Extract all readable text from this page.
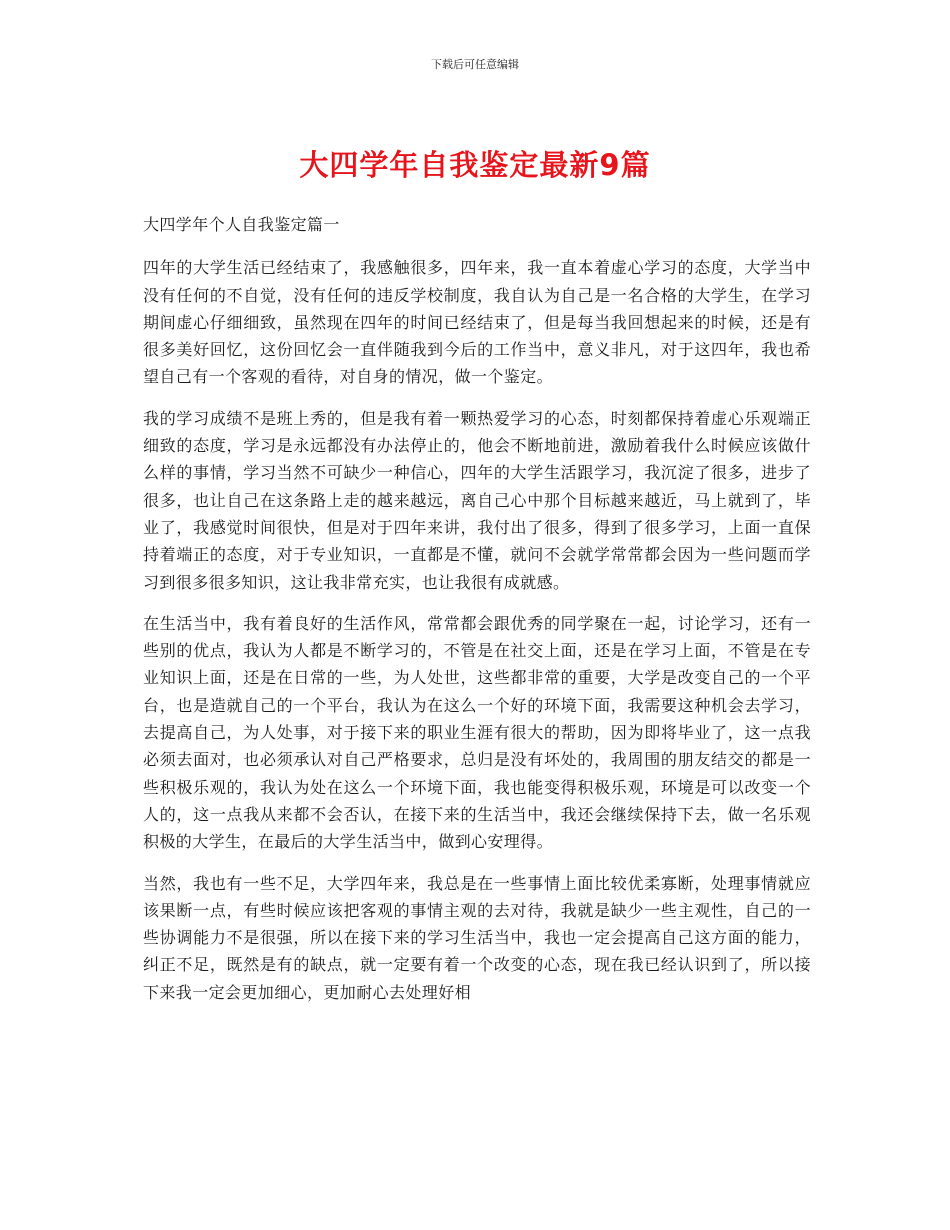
下载后可任意编辑
大四学年自我鉴定最新9篇

大四学年个人自我鉴定篇一

四年的大学生活已经结束了，我感触很多，四年来，我一直本着虚心学习的态度，大学当中没有任何的不自觉，没有任何的违反学校制度，我自认为自己是一名合格的大学生，在学习期间虚心仔细细致，虽然现在四年的时间已经结束了，但是每当我回想起来的时候，还是有很多美好回忆，这份回忆会一直伴随我到今后的工作当中，意义非凡，对于这四年，我也希望自己有一个客观的看待，对自身的情况，做一个鉴定。

我的学习成绩不是班上秀的，但是我有着一颗热爱学习的心态，时刻都保持着虚心乐观端正细致的态度，学习是永远都没有办法停止的，他会不断地前进，激励着我什么时候应该做什么样的事情，学习当然不可缺少一种信心，四年的大学生活跟学习，我沉淀了很多，进步了很多，也让自己在这条路上走的越来越远，离自己心中那个目标越来越近，马上就到了，毕业了，我感觉时间很快，但是对于四年来讲，我付出了很多，得到了很多学习，上面一直保持着端正的态度，对于专业知识，一直都是不懂，就问不会就学常常都会因为一些问题而学习到很多很多知识，这让我非常充实，也让我很有成就感。

在生活当中，我有着良好的生活作风，常常都会跟优秀的同学聚在一起，讨论学习，还有一些别的优点，我认为人都是不断学习的，不管是在社交上面，还是在学习上面，不管是在专业知识上面，还是在日常的一些，为人处世，这些都非常的重要，大学是改变自己的一个平台，也是造就自己的一个平台，我认为在这么一个好的环境下面，我需要这种机会去学习，去提高自己，为人处事，对于接下来的职业生涯有很大的帮助，因为即将毕业了，这一点我必须去面对，也必须承认对自己严格要求，总归是没有坏处的，我周围的朋友结交的都是一些积极乐观的，我认为处在这么一个环境下面，我也能变得积极乐观，环境是可以改变一个人的，这一点我从来都不会否认，在接下来的生活当中，我还会继续保持下去，做一名乐观积极的大学生，在最后的大学生活当中，做到心安理得。

当然，我也有一些不足，大学四年来，我总是在一些事情上面比较优柔寡断，处理事情就应该果断一点，有些时候应该把客观的事情主观的去对待，我就是缺少一些主观性，自己的一些协调能力不是很强，所以在接下来的学习生活当中，我也一定会提高自己这方面的能力，纠正不足，既然是有的缺点，就一定要有着一个改变的心态，现在我已经认识到了，所以接下来我一定会更加细心，更加耐心去处理好相
